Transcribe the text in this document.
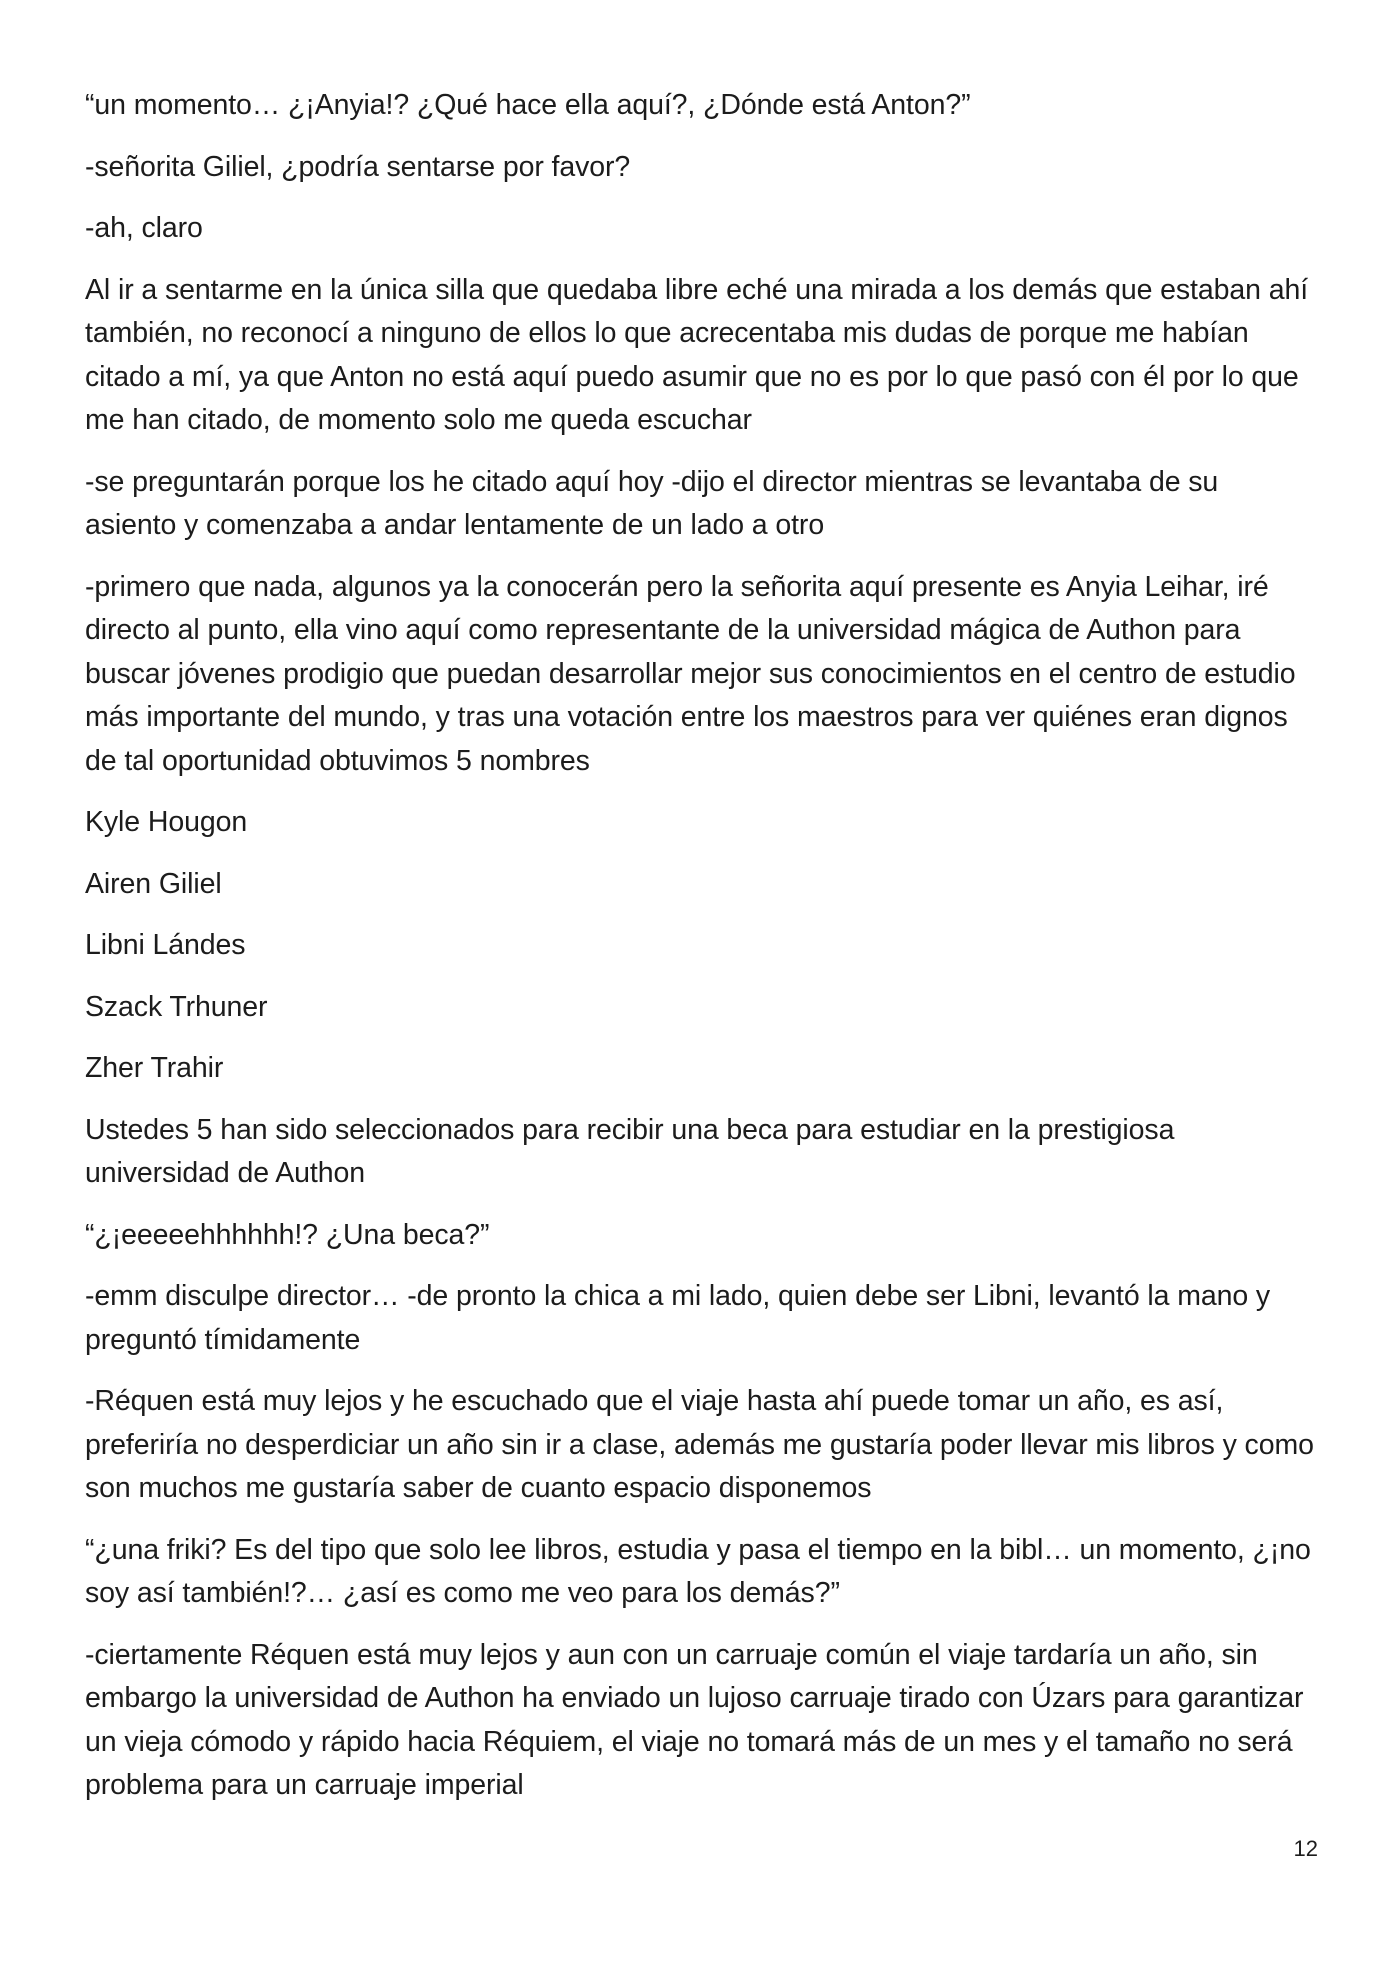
“un momento… ¿¡Anyia!? ¿Qué hace ella aquí?, ¿Dónde está Anton?”

-señorita Giliel, ¿podría sentarse por favor?

-ah, claro

Al ir a sentarme en la única silla que quedaba libre eché una mirada a los demás que estaban ahí también, no reconocí a ninguno de ellos lo que acrecentaba mis dudas de porque me habían citado a mí, ya que Anton no está aquí puedo asumir que no es por lo que pasó con él por lo que me han citado, de momento solo me queda escuchar

-se preguntarán porque los he citado aquí hoy -dijo el director mientras se levantaba de su asiento y comenzaba a andar lentamente de un lado a otro

-primero que nada, algunos ya la conocerán pero la señorita aquí presente es Anyia Leihar, iré directo al punto, ella vino aquí como representante de la universidad mágica de Authon para buscar jóvenes prodigio que puedan desarrollar mejor sus conocimientos en el centro de estudio más importante del mundo, y tras una votación entre los maestros para ver quiénes eran dignos de tal oportunidad obtuvimos 5 nombres

Kyle Hougon

Airen Giliel

Libni Lándes

Szack Trhuner

Zher Trahir

Ustedes 5 han sido seleccionados para recibir una beca para estudiar en la prestigiosa universidad de Authon

“¿¡eeeeehhhhhh!? ¿Una beca?”

-emm disculpe director… -de pronto la chica a mi lado, quien debe ser Libni, levantó la mano y preguntó tímidamente

-Réquen está muy lejos y he escuchado que el viaje hasta ahí puede tomar un año, es así, preferiría no desperdiciar un año sin ir a clase, además me gustaría poder llevar mis libros y como son muchos me gustaría saber de cuanto espacio disponemos

“¿una friki? Es del tipo que solo lee libros, estudia y pasa el tiempo en la bibl… un momento, ¿¡no soy así también!?… ¿así es como me veo para los demás?”

-ciertamente Réquen está muy lejos y aun con un carruaje común el viaje tardaría un año, sin embargo la universidad de Authon ha enviado un lujoso carruaje tirado con Úzars para garantizar un vieja cómodo y rápido hacia Réquiem, el viaje no tomará más de un mes y el tamaño no será problema para un carruaje imperial

12
